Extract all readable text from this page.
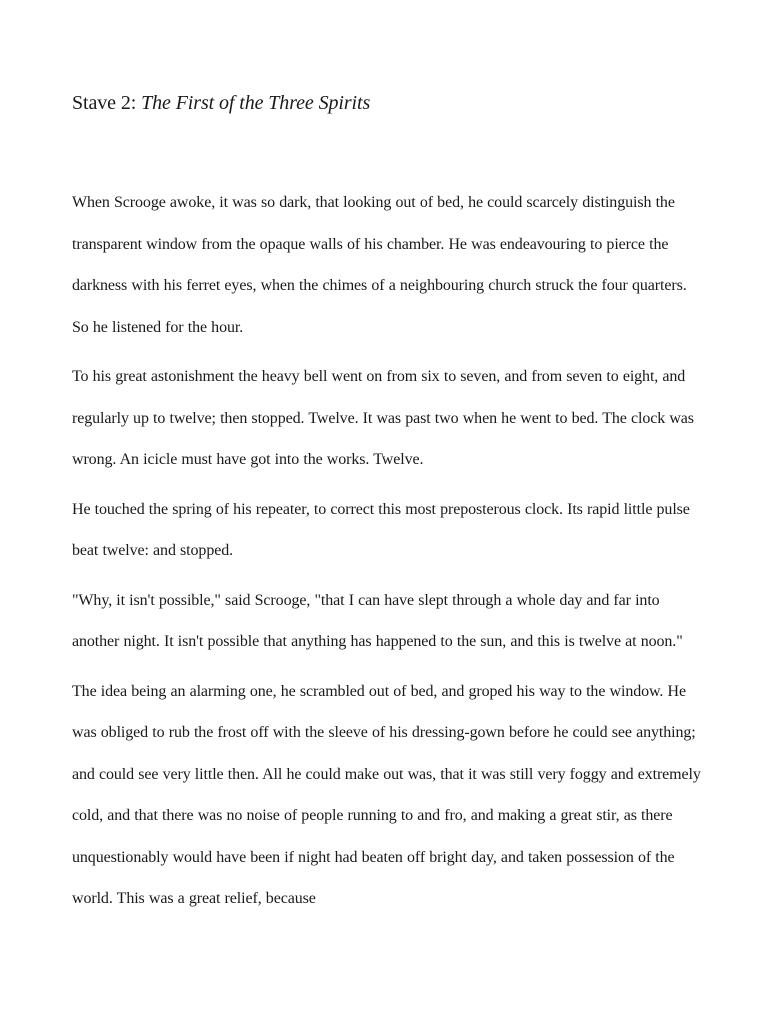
Stave 2: The First of the Three Spirits

When Scrooge awoke, it was so dark, that looking out of bed, he could scarcely distinguish the transparent window from the opaque walls of his chamber. He was endeavouring to pierce the darkness with his ferret eyes, when the chimes of a neighbouring church struck the four quarters. So he listened for the hour.

To his great astonishment the heavy bell went on from six to seven, and from seven to eight, and regularly up to twelve; then stopped. Twelve. It was past two when he went to bed. The clock was wrong. An icicle must have got into the works. Twelve.

He touched the spring of his repeater, to correct this most preposterous clock. Its rapid little pulse beat twelve: and stopped.

"Why, it isn't possible," said Scrooge, "that I can have slept through a whole day and far into another night. It isn't possible that anything has happened to the sun, and this is twelve at noon."

The idea being an alarming one, he scrambled out of bed, and groped his way to the window. He was obliged to rub the frost off with the sleeve of his dressing-gown before he could see anything; and could see very little then. All he could make out was, that it was still very foggy and extremely cold, and that there was no noise of people running to and fro, and making a great stir, as there unquestionably would have been if night had beaten off bright day, and taken possession of the world. This was a great relief, because
